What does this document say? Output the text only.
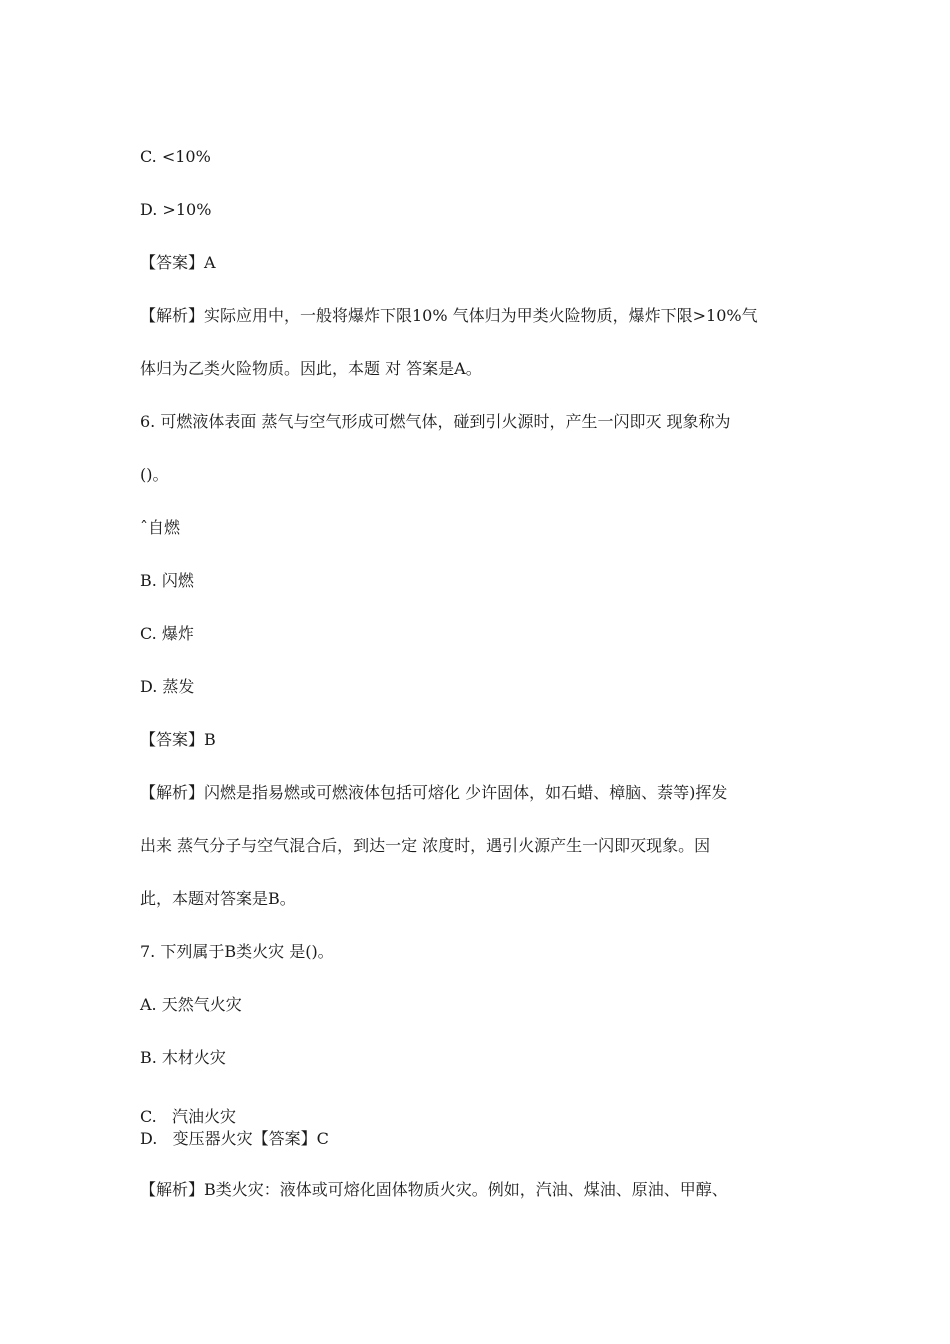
C. <10%
D. >10%
【答案】A
【解析】实际应用中，一般将爆炸下限10% 气体归为甲类火险物质，爆炸下限>10%气
体归为乙类火险物质。因此，本题 对 答案是A。
6. 可燃液体表面 蒸气与空气形成可燃气体，碰到引火源时，产生一闪即灭 现象称为
()。
ˆ自燃
B. 闪燃
C. 爆炸
D. 蒸发
【答案】B
【解析】闪燃是指易燃或可燃液体包括可熔化 少许固体，如石蜡、樟脑、萘等)挥发
出来 蒸气分子与空气混合后，到达一定 浓度时，遇引火源产生一闪即灭现象。因
此，本题对答案是B。
7. 下列属于B类火灾 是()。
A. 天然气火灾
B. 木材火灾
C.   汽油火灾
D.   变压器火灾【答案】C
【解析】B类火灾：液体或可熔化固体物质火灾。例如，汽油、煤油、原油、甲醇、
